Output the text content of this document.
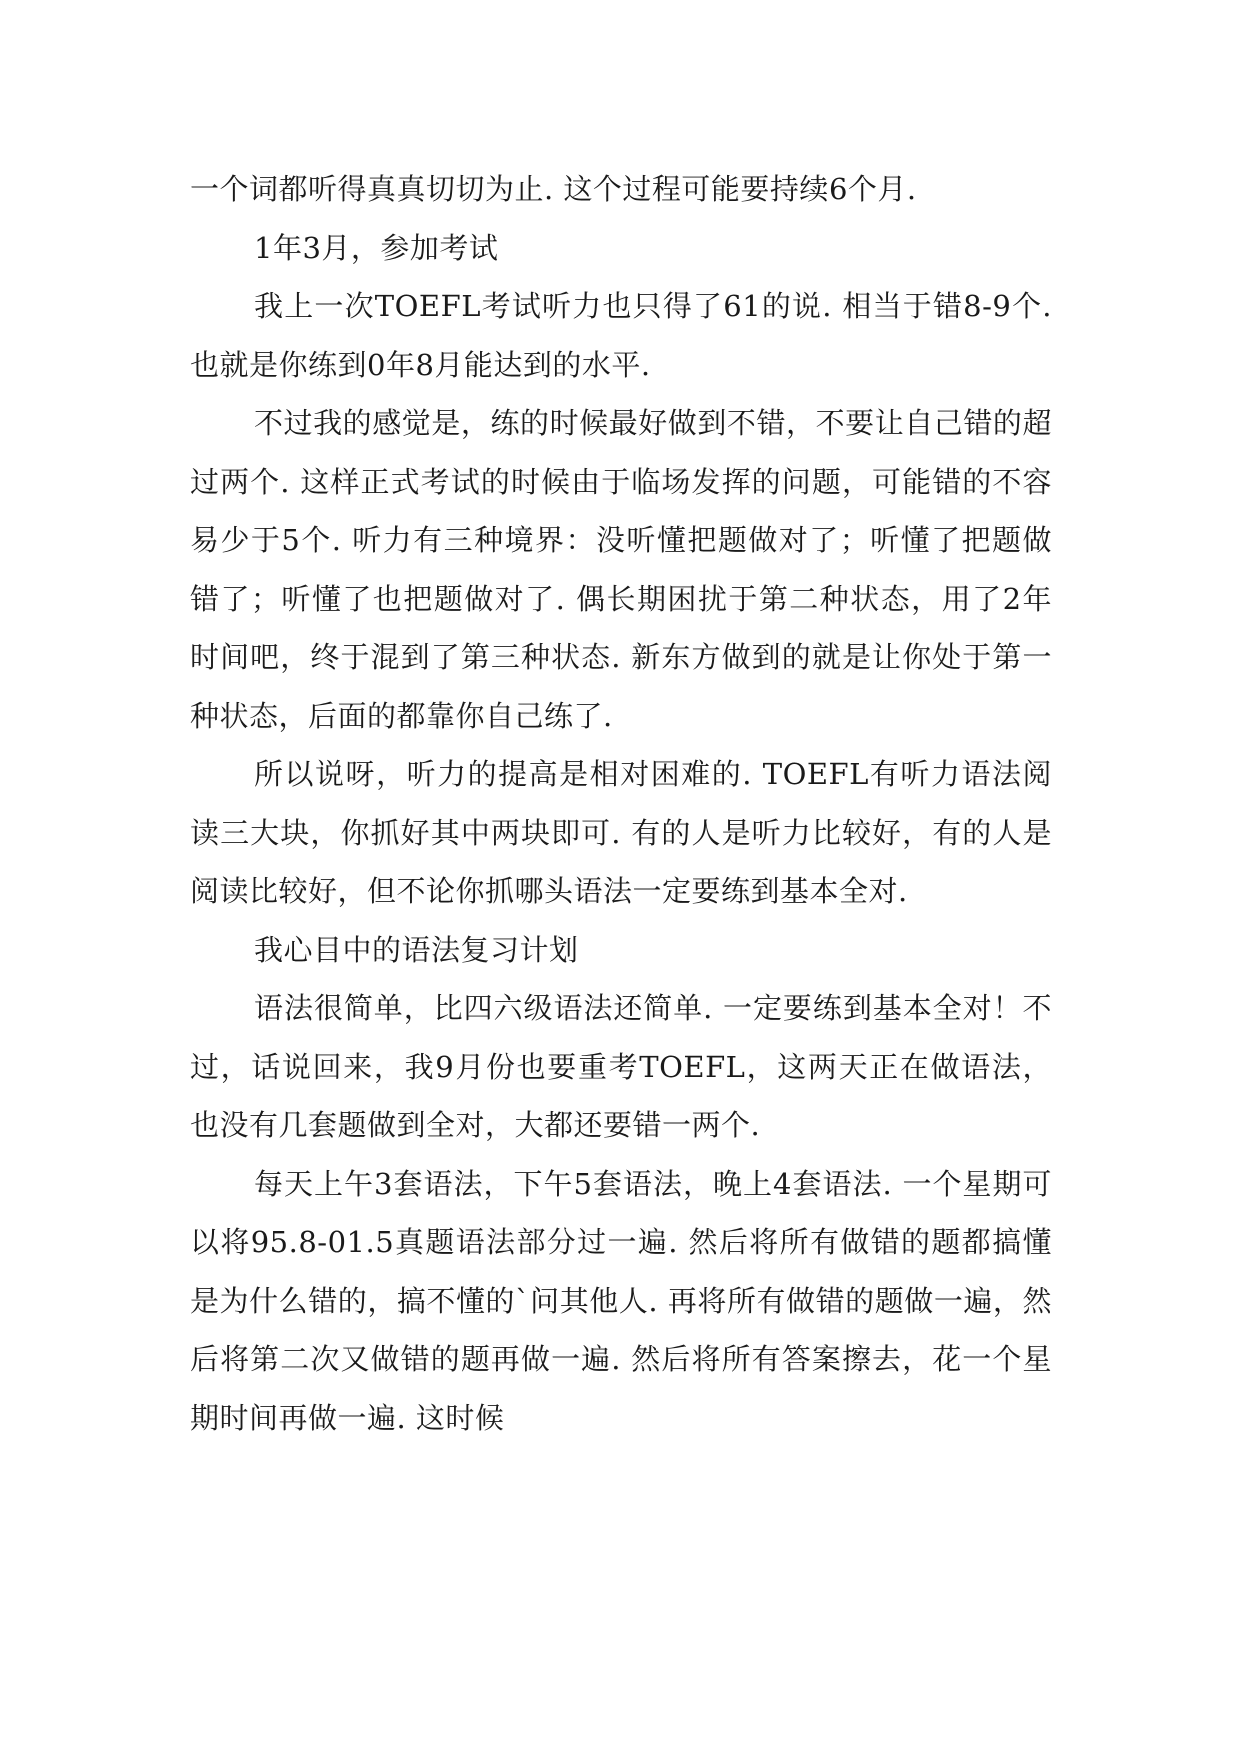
一个词都听得真真切切为止. 这个过程可能要持续6个月.

1年3月，参加考试

我上一次TOEFL考试听力也只得了61的说. 相当于错8-9个. 也就是你练到0年8月能达到的水平.

不过我的感觉是，练的时候最好做到不错，不要让自己错的超过两个. 这样正式考试的时候由于临场发挥的问题，可能错的不容易少于5个. 听力有三种境界：没听懂把题做对了；听懂了把题做错了；听懂了也把题做对了. 偶长期困扰于第二种状态，用了2年时间吧，终于混到了第三种状态. 新东方做到的就是让你处于第一种状态，后面的都靠你自己练了.

所以说呀，听力的提高是相对困难的. TOEFL有听力语法阅读三大块，你抓好其中两块即可. 有的人是听力比较好，有的人是阅读比较好，但不论你抓哪头语法一定要练到基本全对.

我心目中的语法复习计划

语法很简单，比四六级语法还简单. 一定要练到基本全对！不过，话说回来，我9月份也要重考TOEFL，这两天正在做语法，也没有几套题做到全对，大都还要错一两个.

每天上午3套语法，下午5套语法，晚上4套语法. 一个星期可以将95.8-01.5真题语法部分过一遍. 然后将所有做错的题都搞懂是为什么错的，搞不懂的`问其他人. 再将所有做错的题做一遍，然后将第二次又做错的题再做一遍. 然后将所有答案擦去，花一个星期时间再做一遍. 这时候
